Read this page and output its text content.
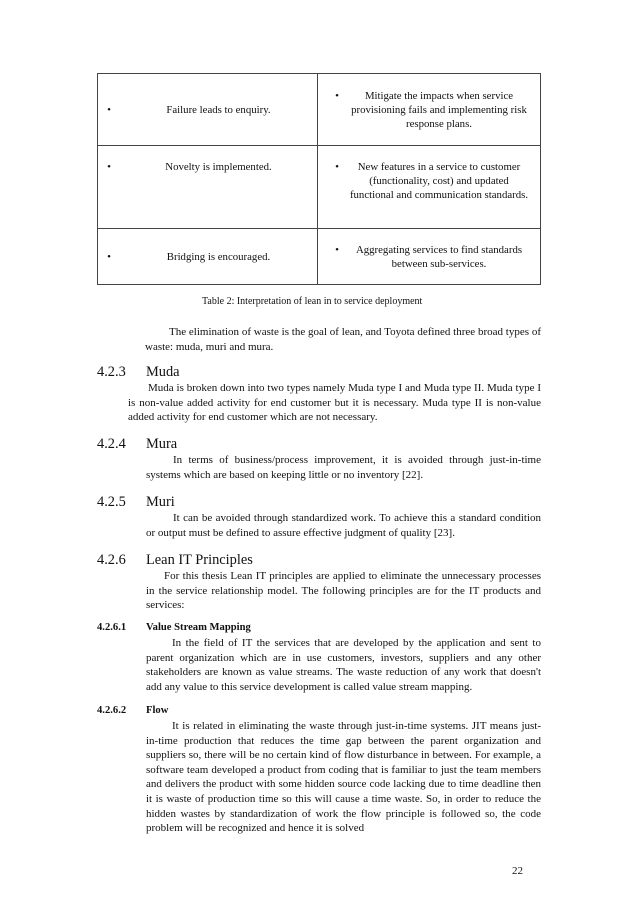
• Failure leads to enquiry.	• Mitigate the impacts when service provisioning fails and implementing risk response plans.

• Novelty is implemented.	• New features in a service to customer (functionality, cost) and updated functional and communication standards.

• Bridging is encouraged.	• Aggregating services to find standards between sub-services.
Table 2: Interpretation of lean in to service deployment
The elimination of waste is the goal of lean, and Toyota defined three broad types of waste: muda, muri and mura.
4.2.3 Muda
Muda is broken down into two types namely Muda type I and Muda type II. Muda type I is non-value added activity for end customer but it is necessary. Muda type II is non-value added activity for end customer which are not necessary.
4.2.4 Mura
In terms of business/process improvement, it is avoided through just-in-time systems which are based on keeping little or no inventory [22].
4.2.5 Muri
It can be avoided through standardized work. To achieve this a standard condition or output must be defined to assure effective judgment of quality [23].
4.2.6 Lean IT Principles
For this thesis Lean IT principles are applied to eliminate the unnecessary processes in the service relationship model. The following principles are for the IT products and services:
4.2.6.1 Value Stream Mapping
In the field of IT the services that are developed by the application and sent to parent organization which are in use customers, investors, suppliers and any other stakeholders are known as value streams. The waste reduction of any work that doesn't add any value to this service development is called value stream mapping.
4.2.6.2 Flow
It is related in eliminating the waste through just-in-time systems. JIT means just-in-time production that reduces the time gap between the parent organization and suppliers so, there will be no certain kind of flow disturbance in between. For example, a software team developed a product from coding that is familiar to just the team members and delivers the product with some hidden source code lacking due to time deadline then it is waste of production time so this will cause a time waste. So, in order to reduce the hidden wastes by standardization of work the flow principle is followed so, the code problem will be recognized and hence it is solved
22
